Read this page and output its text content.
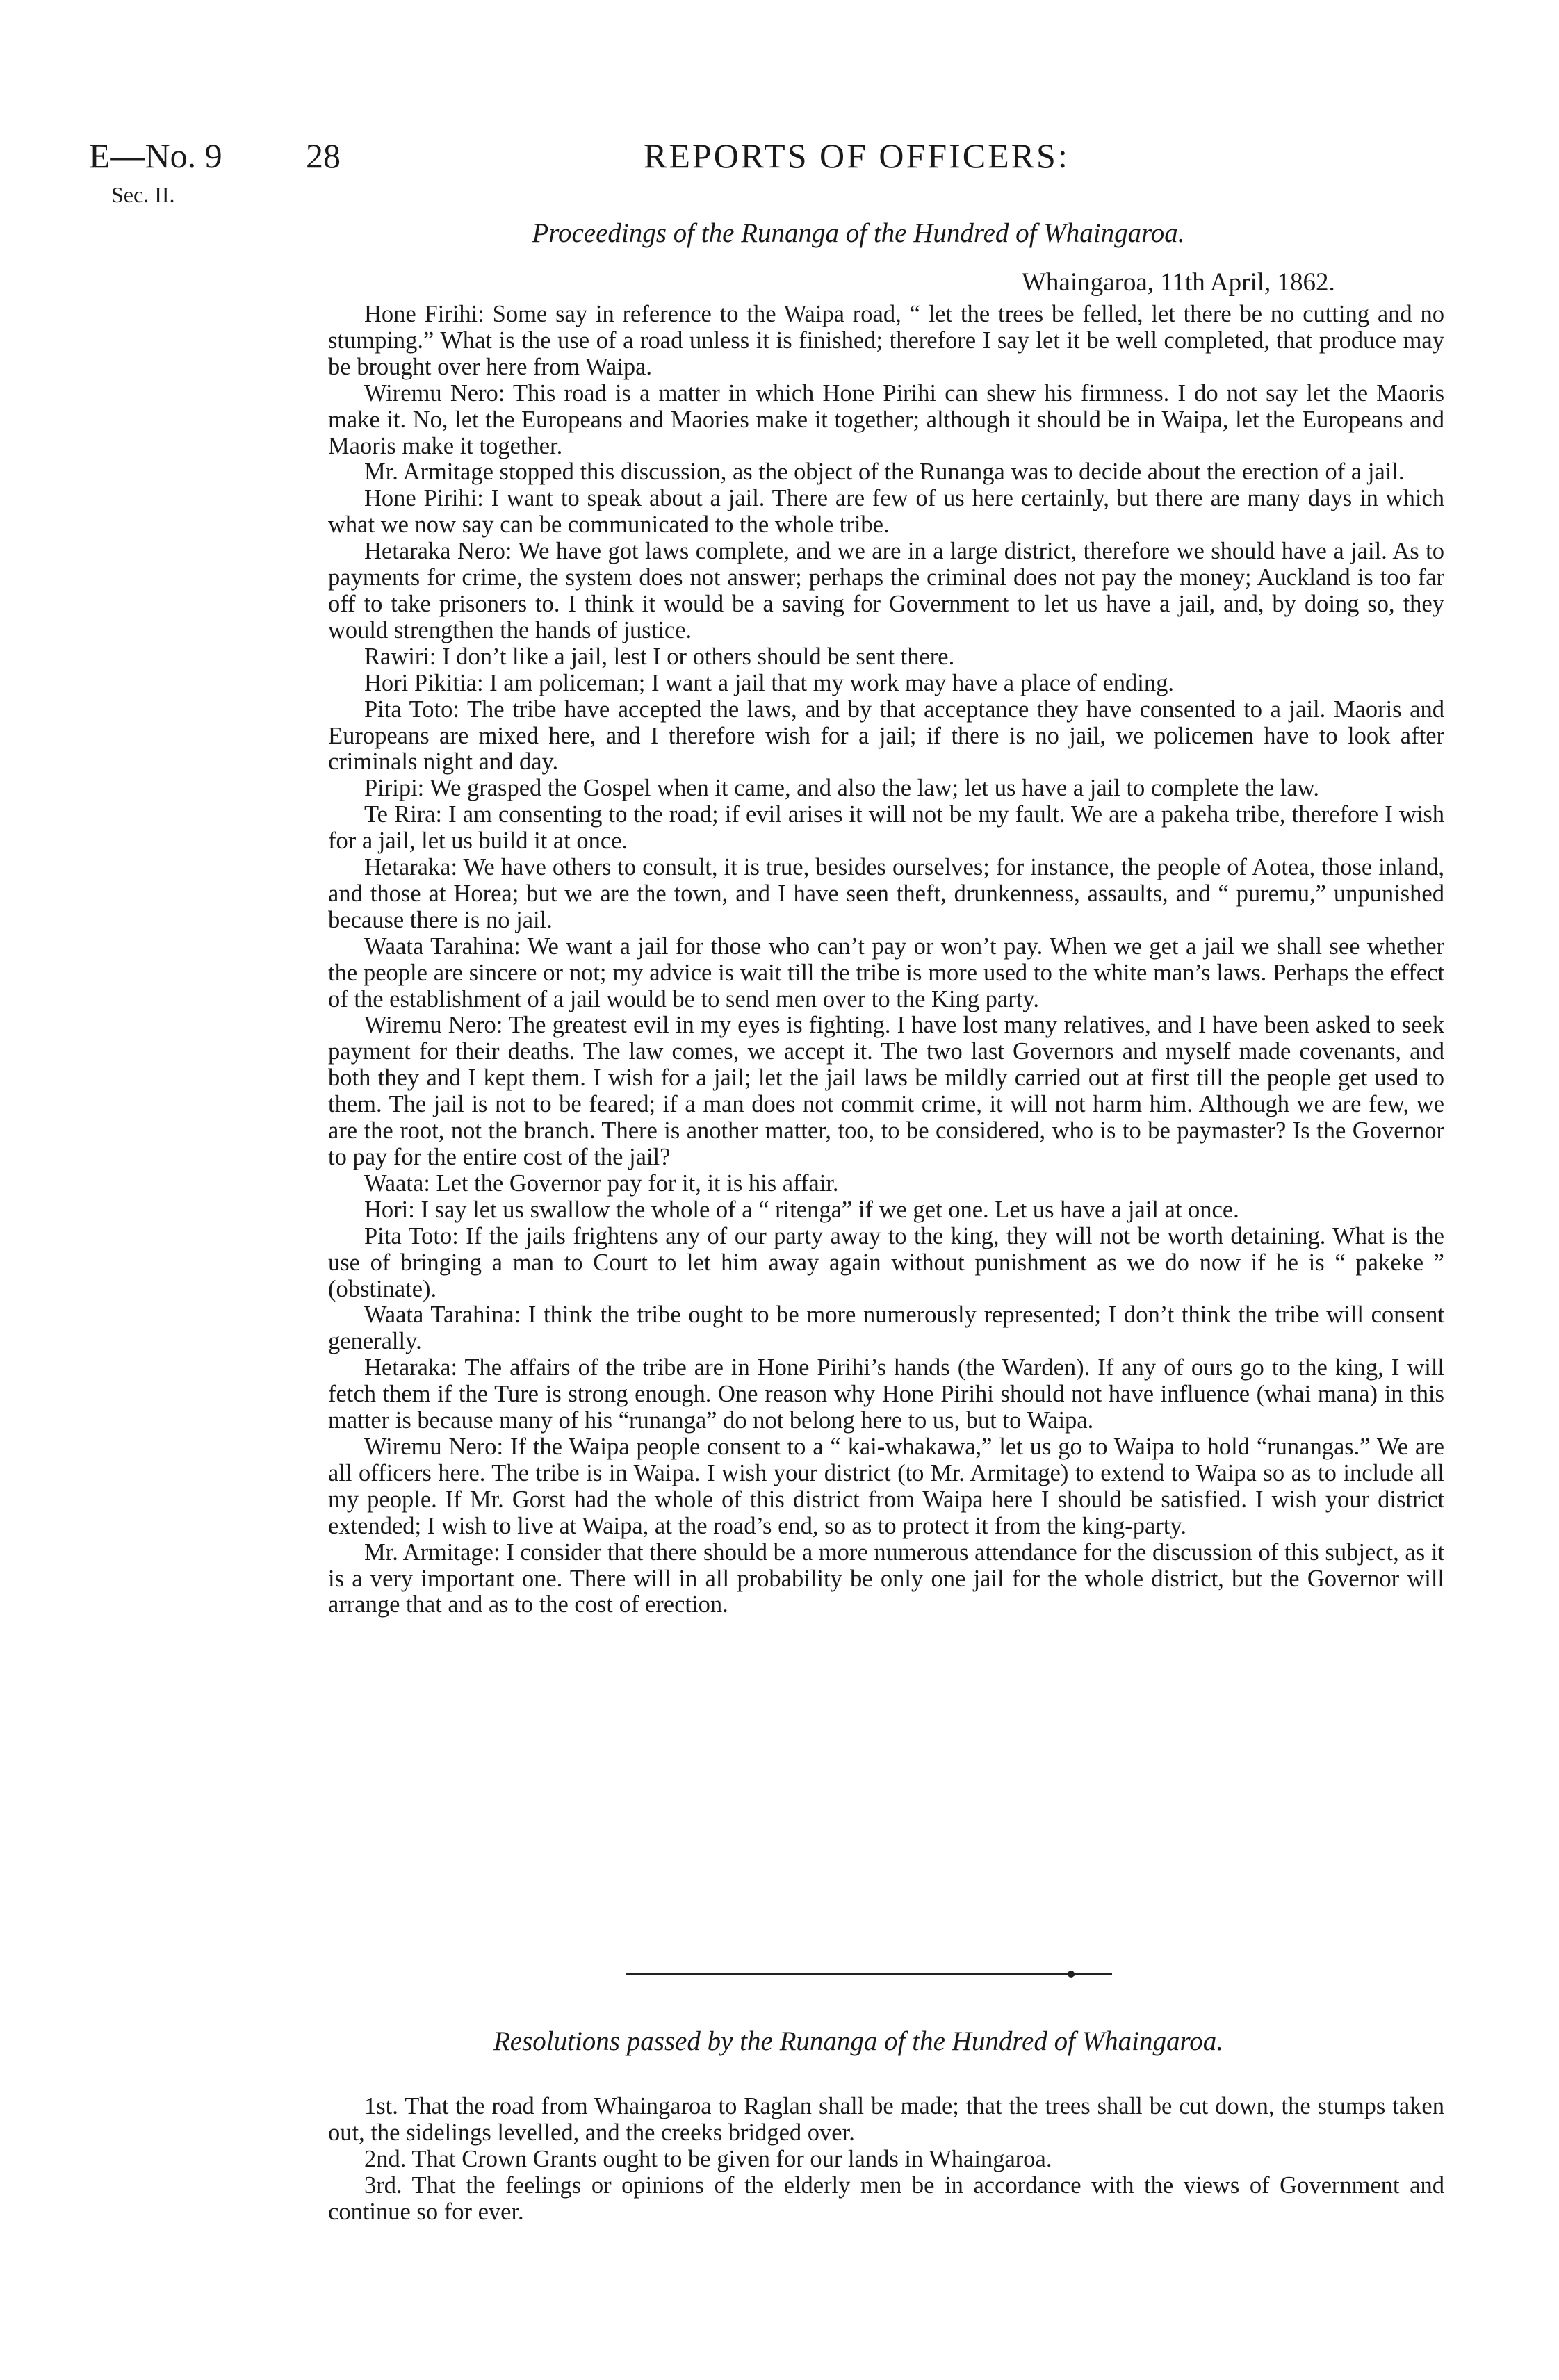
E—No. 9
Sec. II.
28	REPORTS OF OFFICERS:
Proceedings of the Runanga of the Hundred of Whaingaroa.
Whaingaroa, 11th April, 1862.

Hone Firihi: Some say in reference to the Waipa road, “ let the trees be felled, let there be no cutting and no stumping.” What is the use of a road unless it is finished; therefore I say let it be well completed, that produce may be brought over here from Waipa.

Wiremu Nero: This road is a matter in which Hone Pirihi can shew his firmness. I do not say let the Maoris make it. No, let the Europeans and Maories make it together; although it should be in Waipa, let the Europeans and Maoris make it together.

Mr. Armitage stopped this discussion, as the object of the Runanga was to decide about the erection of a jail.

Hone Pirihi: I want to speak about a jail. There are few of us here certainly, but there are many days in which what we now say can be communicated to the whole tribe.

Hetaraka Nero: We have got laws complete, and we are in a large district, therefore we should have a jail. As to payments for crime, the system does not answer; perhaps the criminal does not pay the money; Auckland is too far off to take prisoners to. I think it would be a saving for Government to let us have a jail, and, by doing so, they would strengthen the hands of justice.

Rawiri: I don’t like a jail, lest I or others should be sent there.

Hori Pikitia: I am policeman; I want a jail that my work may have a place of ending.

Pita Toto: The tribe have accepted the laws, and by that acceptance they have consented to a jail. Maoris and Europeans are mixed here, and I therefore wish for a jail; if there is no jail, we policemen have to look after criminals night and day.

Piripi: We grasped the Gospel when it came, and also the law; let us have a jail to complete the law.

Te Rira: I am consenting to the road; if evil arises it will not be my fault. We are a pakeha tribe, therefore I wish for a jail, let us build it at once.

Hetaraka: We have others to consult, it is true, besides ourselves; for instance, the people of Aotea, those inland, and those at Horea; but we are the town, and I have seen theft, drunkenness, assaults, and “ puremu,” unpunished because there is no jail.

Waata Tarahina: We want a jail for those who can’t pay or won’t pay. When we get a jail we shall see whether the people are sincere or not; my advice is wait till the tribe is more used to the white man’s laws. Perhaps the effect of the establishment of a jail would be to send men over to the King party.

Wiremu Nero: The greatest evil in my eyes is fighting. I have lost many relatives, and I have been asked to seek payment for their deaths. The law comes, we accept it. The two last Governors and myself made covenants, and both they and I kept them. I wish for a jail; let the jail laws be mildly carried out at first till the people get used to them. The jail is not to be feared; if a man does not commit crime, it will not harm him. Although we are few, we are the root, not the branch. There is another matter, too, to be considered, who is to be paymaster? Is the Governor to pay for the entire cost of the jail?

Waata: Let the Governor pay for it, it is his affair.

Hori: I say let us swallow the whole of a “ ritenga” if we get one. Let us have a jail at once.

Pita Toto: If the jails frightens any of our party away to the king, they will not be worth detaining. What is the use of bringing a man to Court to let him away again without punishment as we do now if he is “ pakeke ” (obstinate).

Waata Tarahina: I think the tribe ought to be more numerously represented; I don’t think the tribe will consent generally.

Hetaraka: The affairs of the tribe are in Hone Pirihi’s hands (the Warden). If any of ours go to the king, I will fetch them if the Ture is strong enough. One reason why Hone Pirihi should not have influence (whai mana) in this matter is because many of his “runanga” do not belong here to us, but to Waipa.

Wiremu Nero: If the Waipa people consent to a “ kai-whakawa,” let us go to Waipa to hold “runangas.” We are all officers here. The tribe is in Waipa. I wish your district (to Mr. Armitage) to extend to Waipa so as to include all my people. If Mr. Gorst had the whole of this district from Waipa here I should be satisfied. I wish your district extended; I wish to live at Waipa, at the road’s end, so as to protect it from the king-party.

Mr. Armitage: I consider that there should be a more numerous attendance for the discussion of this subject, as it is a very important one. There will in all probability be only one jail for the whole district, but the Governor will arrange that and as to the cost of erection.

Resolutions passed by the Runanga of the Hundred of Whaingaroa.

1st. That the road from Whaingaroa to Raglan shall be made; that the trees shall be cut down, the stumps taken out, the sidelings levelled, and the creeks bridged over.

2nd. That Crown Grants ought to be given for our lands in Whaingaroa.

3rd. That the feelings or opinions of the elderly men be in accordance with the views of Government and continue so for ever.
